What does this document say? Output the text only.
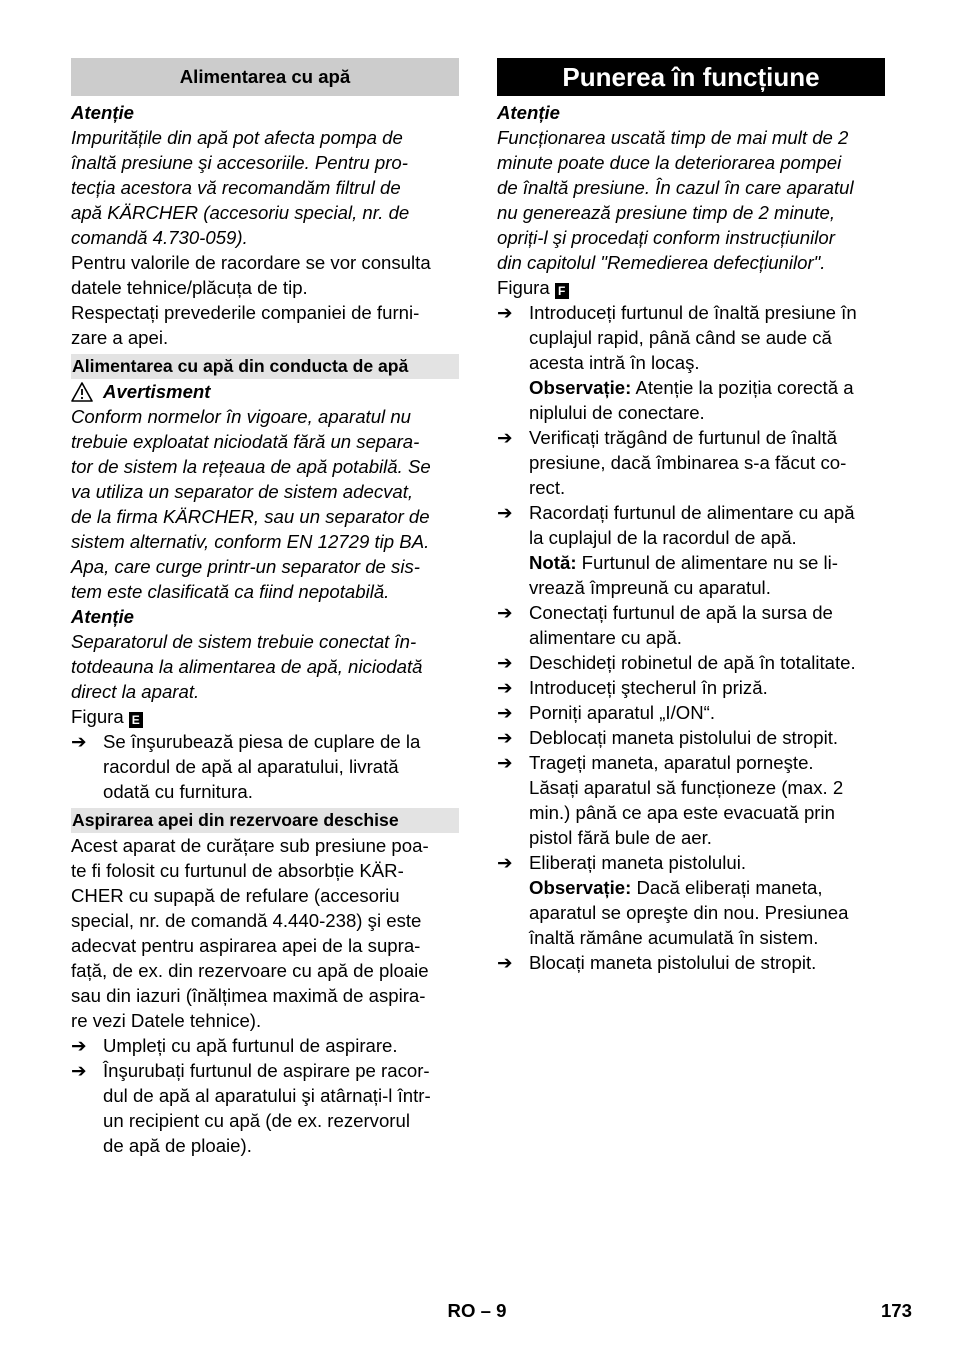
Alimentarea cu apă

Atenție

Impuritățile din apă pot afecta pompa de
înaltă presiune şi accesoriile. Pentru pro-
tecția acestora vă recomandăm filtrul de
apă KÄRCHER (accesoriu special, nr. de
comandă 4.730-059).

Pentru valorile de racordare se vor consulta
datele tehnice/plăcuța de tip.
Respectați prevederile companiei de furni-
zare a apei.

Alimentarea cu apă din conducta de apă
Avertisment

Conform normelor în vigoare, aparatul nu
trebuie exploatat niciodată fără un separa-
tor de sistem la rețeaua de apă potabilă. Se
va utiliza un separator de sistem adecvat,
de la firma KÄRCHER, sau un separator de
sistem alternativ, conform EN 12729 tip BA.
Apa, care curge printr-un separator de sis-
tem este clasificată ca fiind nepotabilă.

Atenție

Separatorul de sistem trebuie conectat în-
totdeauna la alimentarea de apă, niciodată
direct la aparat.

Figura E

➔ Se înşurubează piesa de cuplare de la
racordul de apă al aparatului, livrată
odată cu furnitura.
Aspirarea apei din rezervoare deschise

Acest aparat de curățare sub presiune poa-
te fi folosit cu furtunul de absorbție KÄR-
CHER cu supapă de refulare (accesoriu
special, nr. de comandă 4.440-238) şi este
adecvat pentru aspirarea apei de la supra-
față, de ex. din rezervoare cu apă de ploaie
sau din iazuri (înălțimea maximă de aspira-
re vezi Datele tehnice).

➔ Umpleți cu apă furtunul de aspirare.
➔ Înşurubați furtunul de aspirare pe racor-
dul de apă al aparatului şi atârnați-l într-
un recipient cu apă (de ex. rezervorul
de apă de ploaie).
Punerea în funcțiune

Atenție

Funcționarea uscată timp de mai mult de 2
minute poate duce la deteriorarea pompei
de înaltă presiune. În cazul în care aparatul
nu generează presiune timp de 2 minute,
opriți-l şi procedați conform instrucțiunilor
din capitolul "Remedierea defecțiunilor".

Figura F

➔ Introduceți furtunul de înaltă presiune în
cuplajul rapid, până când se aude că
acesta intră în locaş.
Observație: Atenție la poziția corectă a
niplului de conectare.
➔ Verificați trăgând de furtunul de înaltă
presiune, dacă îmbinarea s-a făcut co-
rect.
➔ Racordați furtunul de alimentare cu apă
la cuplajul de la racordul de apă.
Notă: Furtunul de alimentare nu se li-
vrează împreună cu aparatul.
➔ Conectați furtunul de apă la sursa de
alimentare cu apă.
➔ Deschideți robinetul de apă în totalitate.
➔ Introduceți ştecherul în priză.
➔ Porniți aparatul „I/ON“.
➔ Deblocați maneta pistolului de stropit.
➔ Trageți maneta, aparatul porneşte.
Lăsați aparatul să funcționeze (max. 2
min.) până ce apa este evacuată prin
pistol fără bule de aer.
➔ Eliberați maneta pistolului.
Observație: Dacă eliberați maneta,
aparatul se opreşte din nou. Presiunea
înaltă rămâne acumulată în sistem.
➔ Blocați maneta pistolului de stropit.
RO – 9	173
